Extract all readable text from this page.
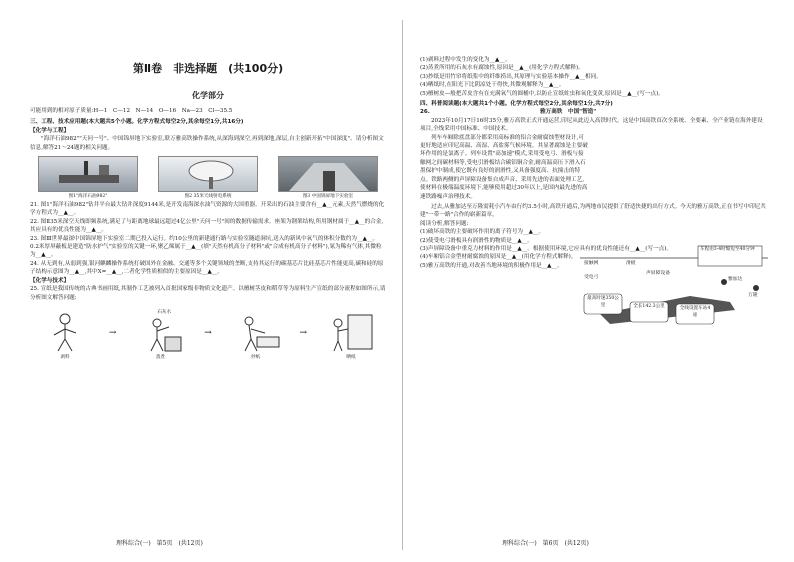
第Ⅱ卷　非选择题　(共100分)
化学部分

可能用到的相对原子质量:H—1　C—12　N—14　O—16　Na—23　Cl—35.5

三、工程、技术应用题(本大题共5个小题。化学方程式每空2分,其余每空1分,共16分)

【化学与工程】

"海洋石油982""天问一号"、中国锦屏地下实验室,联万雅高铁操作系统,从深海到深空,再到深地,深层,自主创新开拓"中国深度"。请分析图文信息,解答21～24题的相关问题。

图1"海洋石油982"	图2 35米天线射电系统	图3 中国锦屏地下实验室

21. 图1"海洋石油982"钻井平台最大钻井深度9144米,是开发南海深水油气资源的大国重器。开采出的石油主要含有__▲__元素,天然气燃烧的化学方程式为__▲__。

22. 图Ⅱ35米深空天线即频系统,满足了与距离地球最远超过4亿公里"天问一号"间的数据传输需求。座架为钢架结构,所用钢材属于__▲__的合金,其应具有的优良性能为__▲__。

23. 图Ⅲ世界最深中国锦屏地下实验室二期已投入运行。约10公里的新建通行路与实验室隧道洞坑,送入的新风中氧气的体积分数约为__▲__。0.2米厚屏蔽板是建造"防水护气"实验室的关键一环,聚乙烯属于__▲__(填"天然有机高分子材料"或"合成有机高分子材料"),氡为稀有气体,其微粒为__▲__。

24. 从无到有,从弱到强,银河麒麟操作系统打破国外在金融、交通等多个关键领域的垄断,支持其运行的碳基芯片比硅基芯片性能更高,碳和硅的原子结构示意图为__▲__,其中X=__▲__,二者化学性质相似的主要原因是__▲__。

【化学与技术】

25. 宣纸是我国传统的古典书画用纸,其制作工艺被列入首批国家级非物质文化遗产。以檀树茎皮和稻草等为原料生产宣纸的部分流程如图所示,请分析图文解答问题:

剥料
→
石灰水
蒸煮
→
抄纸
→
晒纸
理科综合(一)　第5页　(共12页)

(1)剥料过程中发生的变化为__▲__。

(2)蒸煮所用的石灰水有腐蚀性,原因是__▲__(用化学方程式解释)。

(3)抄纸是用竹帘将纸浆中的纤维捞出,其原理与实验基本操作__▲__相同。

(4)晒纸时,在阳光下比阴凉处干得快,其微观解释为__▲__。

(5)檀树皮—般把苦皮含有在充满氧气的圆桶中,以防止宣纸蛀虫和氧化变黄,原因是__▲__(写一点)。

四、科普阅读题(本大题共1个小题。化学方程式每空2分,其余每空1分,共7分)

26.	雅万高铁　中国"智造"

2023年10月17日16时35分,雅万高铁正式开通运营,印尼从此迈入高铁时代。这是中国高铁首次全系统、全要素、全产业链在海外建设项目,全线采用中国标准、中国技术。

列车车厢除底盘部分都采用高标准的铝合金耐腐蚀型材设计,可更好地适应印尼高温、高湿、高盐雾气候环境。其显著腐蚀是主要破坏作用的是氯离子。列车设置"高加速"模式,采用受电弓、滑板与接触网之间碳材料等,受电引滑板结合碳铝铜合金,耐高温高压下滑入石墨保护中制成,使它既有良好的润滑性,又具备强度高、抗撞击的特点。铁路两侧的声屏障设备集自成声音、采用先进的表面处理工艺,使材料在极端温度环境下,能够使用超过30年以上,是国内最先进的高速铁路噪声治理技术。

接触网
受电弓
滑板
声屏障设备
车程由3-4时缩短至40分钟
最高时速350公里	全长142.3公里	全线设置车站4座
雅加达
万隆

过去,从雅加达至万隆需耗小汽车由行约3.5小时,高铁开通后,为两地市民提供了舒适快捷的出行方式。今天的雅万高铁,正在书写中印尼共建"一带一路"合作的崭新篇章。

阅读分析,解答问题:

(1)破坏高铁的主要破坏作用的离子符号为__▲__。

(2)使受电弓滑板具有润滑性的物质是__▲__。

(3)声屏障设备中重克力材料的作用是__▲__。根据使用环境,它应具有的优良性能还有__▲__(写一点)。

(4)车厢铝合金型材耐腐蚀的原因是__▲__(用化学方程式解释)。

(5)雅万高铁的开通,对改善当地环境的积极作用是__▲__。

理科综合(一)　第6页　(共12页)
